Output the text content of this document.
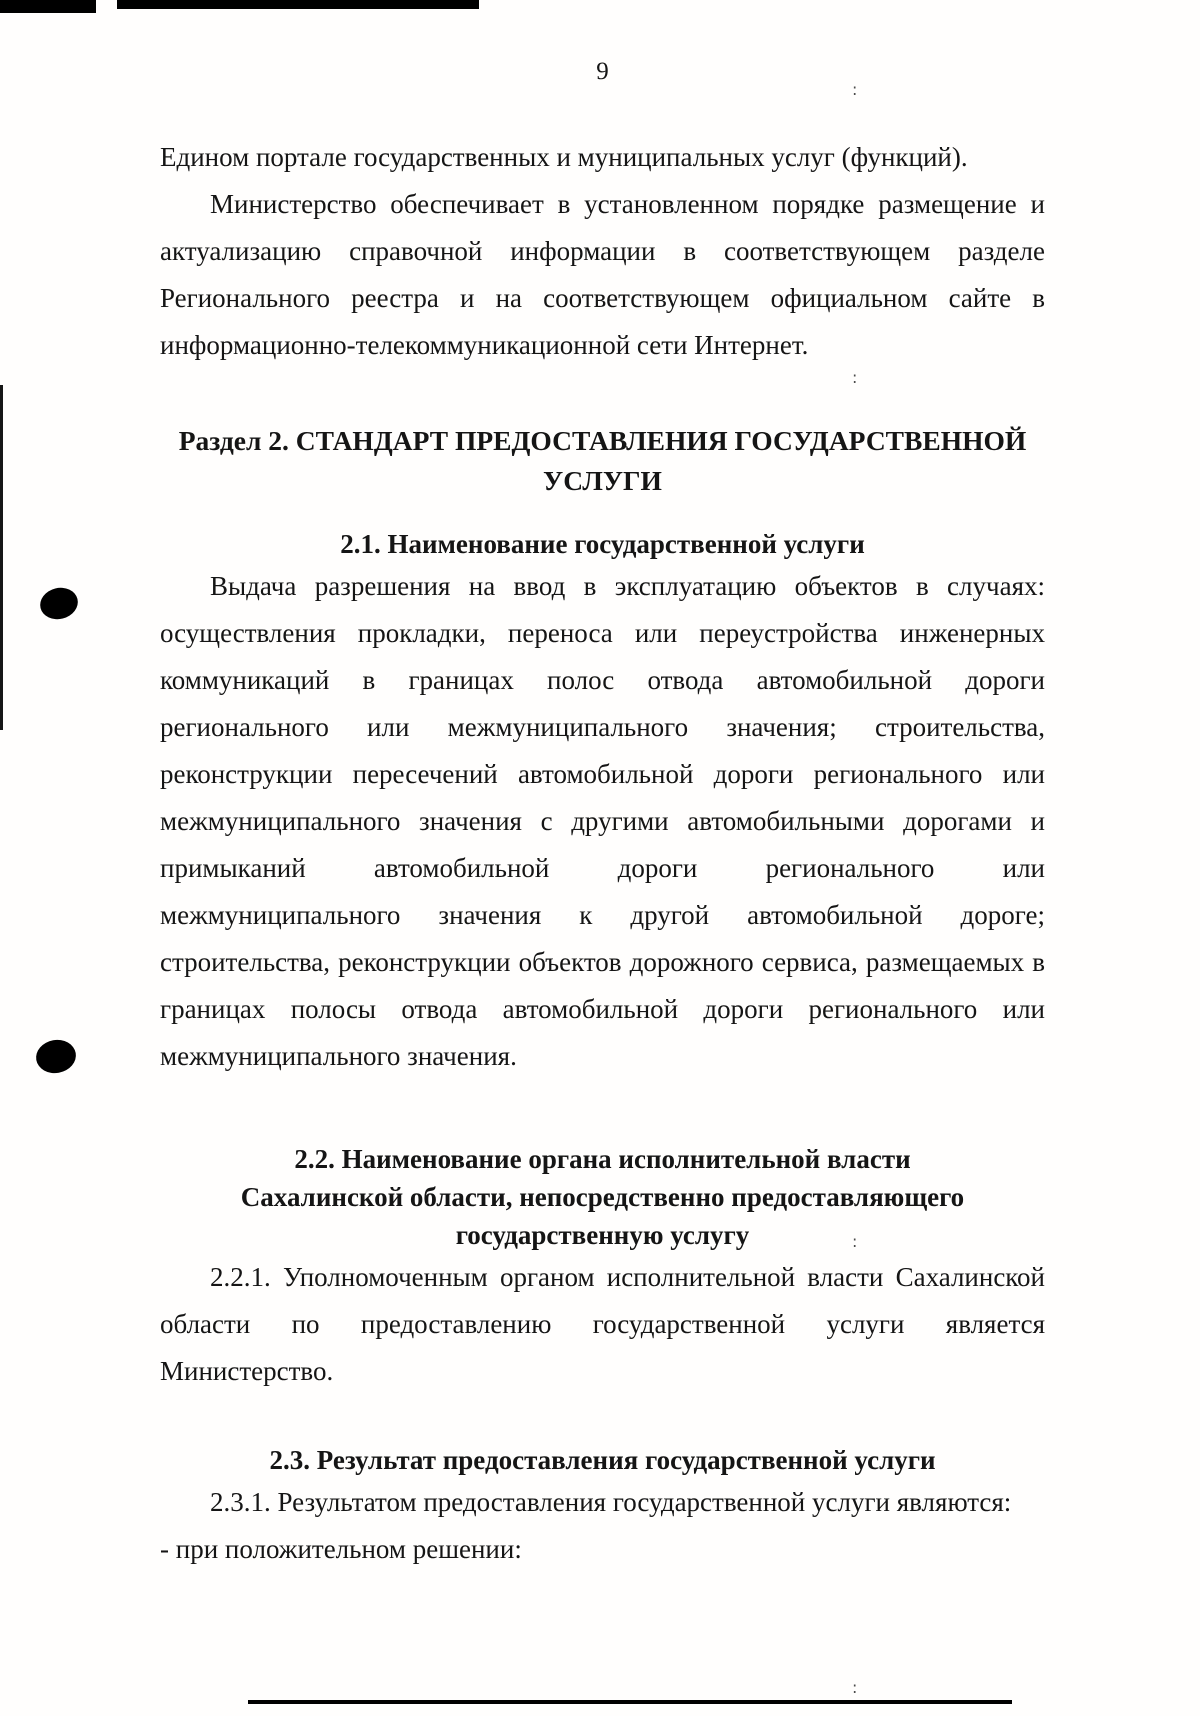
:
:
:
:
9

Едином портале государственных и муниципальных услуг (функций).

Министерство обеспечивает в установленном порядке размещение и актуализацию справочной информации в соответствующем разделе Регионального реестра и на соответствующем официальном сайте в информационно-телекоммуникационной сети Интернет.

Раздел 2. СТАНДАРТ ПРЕДОСТАВЛЕНИЯ ГОСУДАРСТВЕННОЙ УСЛУГИ
2.1. Наименование государственной услуги

Выдача разрешения на ввод в эксплуатацию объектов в случаях: осуществления прокладки, переноса или переустройства инженерных коммуникаций в границах полос отвода автомобильной дороги регионального или межмуниципального значения; строительства, реконструкции пересечений автомобильной дороги регионального или межмуниципального значения с другими автомобильными дорогами и примыканий автомобильной дороги регионального или межмуниципального значения к другой автомобильной дороге; строительства, реконструкции объектов дорожного сервиса, размещаемых в границах полосы отвода автомобильной дороги регионального или межмуниципального значения.

2.2. Наименование органа исполнительной власти Сахалинской области, непосредственно предоставляющего государственную услугу

2.2.1. Уполномоченным органом исполнительной власти Сахалинской области по предоставлению государственной услуги является Министерство.

2.3. Результат предоставления государственной услуги

2.3.1. Результатом предоставления государственной услуги являются:

- при положительном решении:
